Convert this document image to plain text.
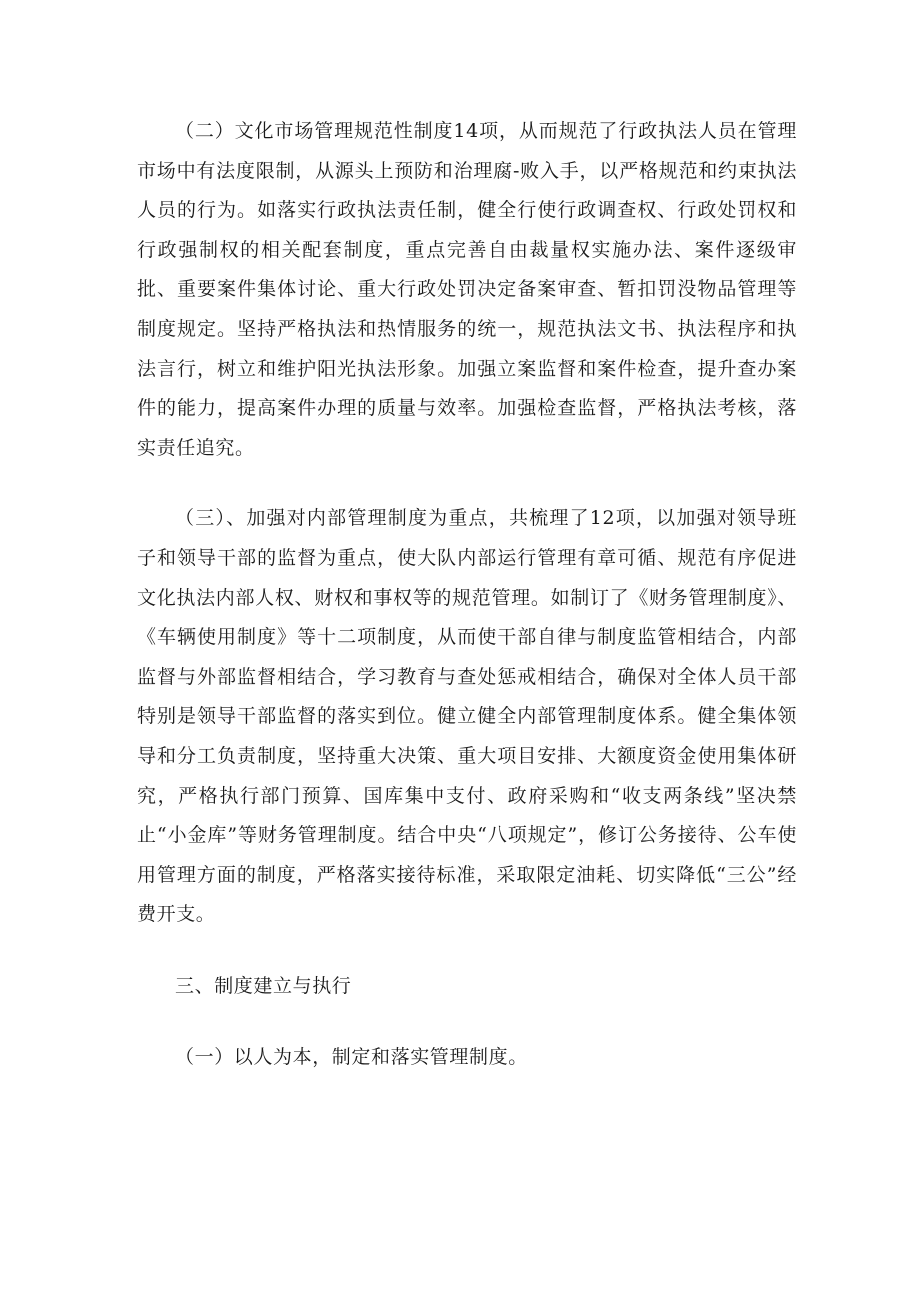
（二）文化市场管理规范性制度14项，从而规范了行政执法人员在管理市场中有法度限制，从源头上预防和治理腐-败入手，以严格规范和约束执法人员的行为。如落实行政执法责任制，健全行使行政调查权、行政处罚权和行政强制权的相关配套制度，重点完善自由裁量权实施办法、案件逐级审批、重要案件集体讨论、重大行政处罚决定备案审查、暂扣罚没物品管理等制度规定。坚持严格执法和热情服务的统一，规范执法文书、执法程序和执法言行，树立和维护阳光执法形象。加强立案监督和案件检查，提升查办案件的能力，提高案件办理的质量与效率。加强检查监督，严格执法考核，落实责任追究。

（三）、加强对内部管理制度为重点，共梳理了12项，以加强对领导班子和领导干部的监督为重点，使大队内部运行管理有章可循、规范有序促进文化执法内部人权、财权和事权等的规范管理。如制订了《财务管理制度》、《车辆使用制度》等十二项制度，从而使干部自律与制度监管相结合，内部监督与外部监督相结合，学习教育与查处惩戒相结合，确保对全体人员干部特别是领导干部监督的落实到位。健立健全内部管理制度体系。健全集体领导和分工负责制度，坚持重大决策、重大项目安排、大额度资金使用集体研究，严格执行部门预算、国库集中支付、政府采购和“收支两条线”坚决禁止“小金库”等财务管理制度。结合中央“八项规定”，修订公务接待、公车使用管理方面的制度，严格落实接待标准，采取限定油耗、切实降低“三公”经费开支。

三、制度建立与执行

（一）以人为本，制定和落实管理制度。
